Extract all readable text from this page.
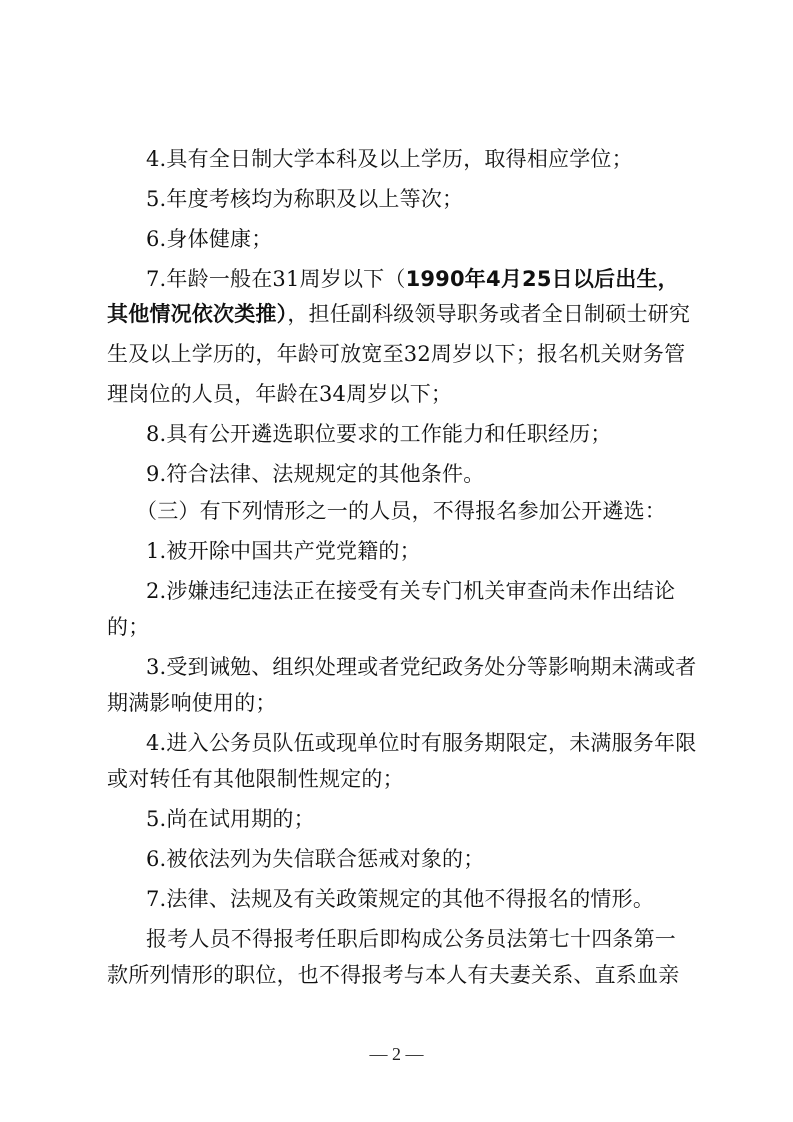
4.具有全日制大学本科及以上学历，取得相应学位；
5.年度考核均为称职及以上等次；
6.身体健康；
7.年龄一般在31周岁以下（1990年4月25日以后出生，
其他情况依次类推），担任副科级领导职务或者全日制硕士研究
生及以上学历的，年龄可放宽至32周岁以下；报名机关财务管
理岗位的人员，年龄在34周岁以下；
8.具有公开遴选职位要求的工作能力和任职经历；
9.符合法律、法规规定的其他条件。
（三）有下列情形之一的人员，不得报名参加公开遴选：
1.被开除中国共产党党籍的；
2.涉嫌违纪违法正在接受有关专门机关审查尚未作出结论
的；
3.受到诫勉、组织处理或者党纪政务处分等影响期未满或者
期满影响使用的；
4.进入公务员队伍或现单位时有服务期限定，未满服务年限
或对转任有其他限制性规定的；
5.尚在试用期的；
6.被依法列为失信联合惩戒对象的；
7.法律、法规及有关政策规定的其他不得报名的情形。
报考人员不得报考任职后即构成公务员法第七十四条第一
款所列情形的职位，也不得报考与本人有夫妻关系、直系血亲
— 2 —
